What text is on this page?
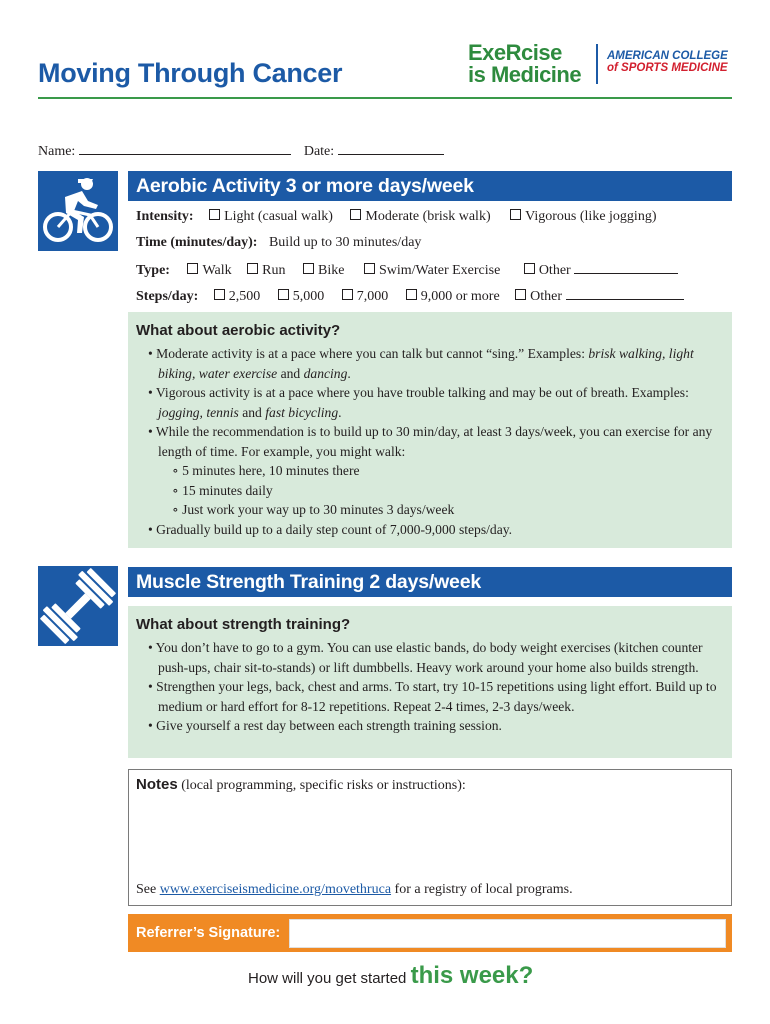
Moving Through Cancer
ExeRcise
is Medicine
AMERICAN COLLEGE
of SPORTS MEDICINE
Name:	Date:
Aerobic Activity 3 or more days/week
Intensity: Light (casual walk) Moderate (brisk walk) Vigorous (like jogging)
Time (minutes/day): Build up to 30 minutes/day
Type: Walk Run Bike Swim/Water Exercise	Other
Steps/day: 2,500 5,000 7,000 9,000 or more Other
What about aerobic activity?

• Moderate activity is at a pace where you can talk but cannot “sing.” Examples: brisk walking, light biking, water exercise and dancing.

• Vigorous activity is at a pace where you have trouble talking and may be out of breath. Examples: jogging, tennis and fast bicycling.

• While the recommendation is to build up to 30 min/day, at least 3 days/week, you can exercise for any length of time. For example, you might walk:

∘ 5 minutes here, 10 minutes there

∘ 15 minutes daily

∘ Just work your way up to 30 minutes 3 days/week

• Gradually build up to a daily step count of 7,000-9,000 steps/day.

Muscle Strength Training 2 days/week
What about strength training?

• You don’t have to go to a gym. You can use elastic bands, do body weight exercises (kitchen counter push-ups, chair sit-to-stands) or lift dumbbells. Heavy work around your home also builds strength.

• Strengthen your legs, back, chest and arms. To start, try 10-15 repetitions using light effort. Build up to medium or hard effort for 8-12 repetitions. Repeat 2-4 times, 2-3 days/week.

• Give yourself a rest day between each strength training session.

Notes (local programming, specific risks or instructions):
See www.exerciseismedicine.org/movethruca for a registry of local programs.
Referrer’s Signature:
How will you get started this week?
